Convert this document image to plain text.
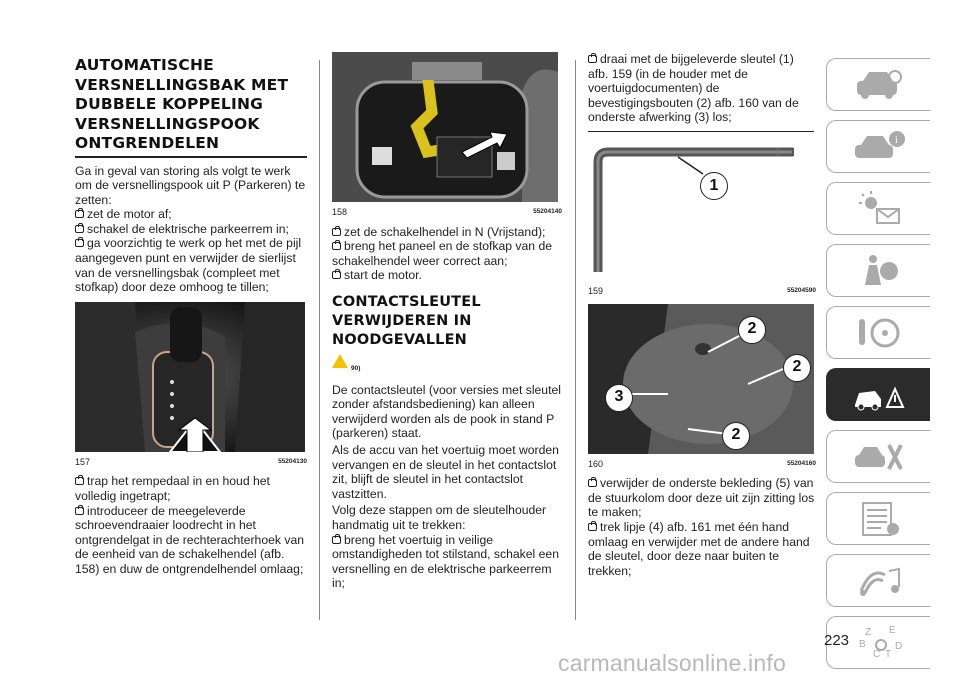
AUTOMATISCHE
VERSNELLINGSBAK MET
DUBBELE KOPPELING
VERSNELLINGSPOOK
ONTGRENDELEN

Ga in geval van storing als volgt te werk om de versnellingspook uit P (Parkeren) te zetten:

zet de motor af;

schakel de elektrische parkeerrem in;

ga voorzichtig te werk op het met de pijl aangegeven punt en verwijder de sierlijst van de versnellingsbak (compleet met stofkap) door deze omhoog te tillen;

157	55204130

trap het rempedaal in en houd het volledig ingetrapt;

introduceer de meegeleverde schroevendraaier loodrecht in het ontgrendelgat in de rechterachterhoek van de eenheid van de schakelhendel (afb. 158) en duw de ontgrendelhendel omlaag;

158	55204140

zet de schakelhendel in N (Vrijstand);

breng het paneel en de stofkap van de schakelhendel weer correct aan;

start de motor.

CONTACTSLEUTEL
VERWIJDEREN IN
NOODGEVALLEN
90)

De contactsleutel (voor versies met sleutel zonder afstandsbediening) kan alleen verwijderd worden als de pook in stand P (parkeren) staat.

Als de accu van het voertuig moet worden vervangen en de sleutel in het contactslot zit, blijft de sleutel in het contactslot vastzitten.

Volg deze stappen om de sleutelhouder handmatig uit te trekken:

breng het voertuig in veilige omstandigheden tot stilstand, schakel een versnelling en de elektrische parkeerrem in;

draai met de bijgeleverde sleutel (1) afb. 159 (in de houder met de voertuigdocumenten) de bevestigingsbouten (2) afb. 160 van de onderste afwerking (3) los;

1
159	55204590
2
2
3
2
160	55204160

verwijder de onderste bekleding (5) van de stuurkolom door deze uit zijn zitting los te maken;

trek lipje (4) afb. 161 met één hand omlaag en verwijder met de andere hand de sleutel, door deze naar buiten te trekken;

i
Z E
B
C T
D
223
carmanualsonline.info
